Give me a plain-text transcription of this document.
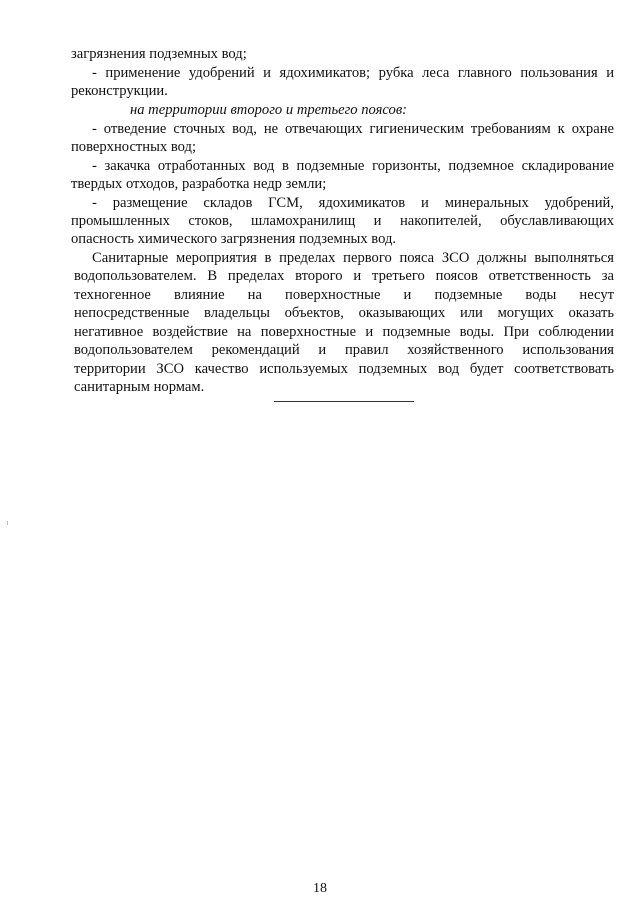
загрязнения подземных вод;
- применение удобрений и ядохимикатов; рубка леса главного пользования и
реконструкции.
на территории второго и третьего поясов:
- отведение сточных вод, не отвечающих гигиеническим требованиям к охране
поверхностных вод;
- закачка отработанных вод в подземные горизонты, подземное складирование
твердых отходов, разработка недр земли;
- размещение складов ГСМ, ядохимикатов и минеральных удобрений,
промышленных стоков, шламохранилищ и накопителей, обуславливающих
опасность химического загрязнения подземных вод.
Санитарные мероприятия в пределах первого пояса ЗСО должны выполняться
водопользователем. В пределах второго и третьего поясов ответственность за
техногенное влияние на поверхностные и подземные воды несут
непосредственные владельцы объектов, оказывающих или могущих оказать
негативное воздействие на поверхностные и подземные воды. При соблюдении
водопользователем рекомендаций и правил хозяйственного использования
территории ЗСО качество используемых подземных вод будет соответствовать
санитарным нормам.
18
